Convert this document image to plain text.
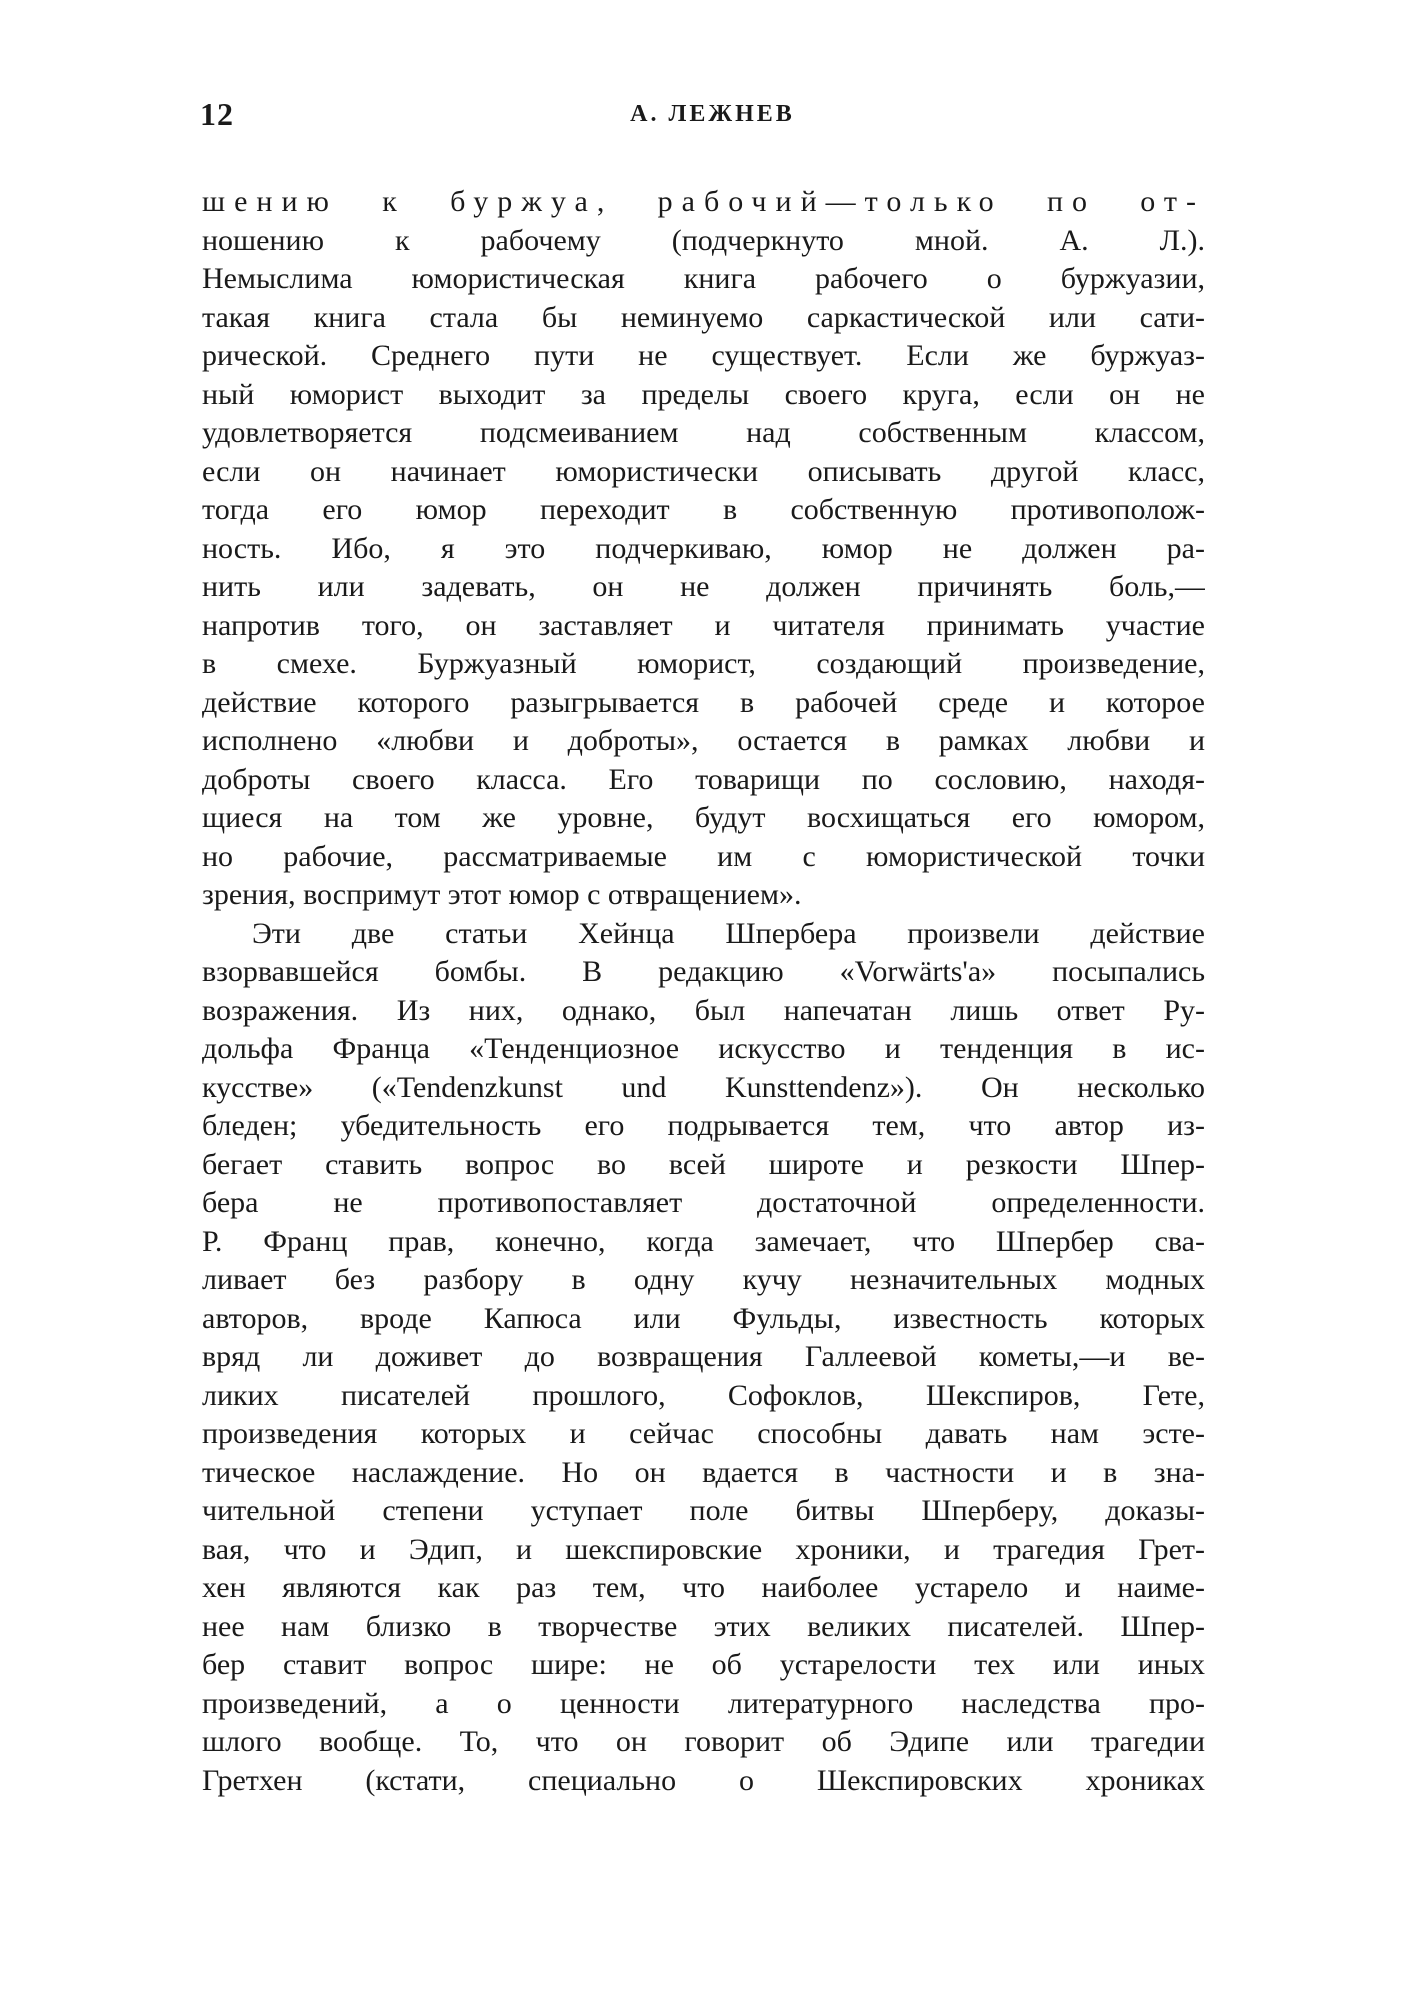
12	А. ЛЕЖНЕВ
шению к буржуа, рабочий—только по от-
ношению к рабочему (подчеркнуто мной. А. Л.).
Немыслима юмористическая книга рабочего о буржуазии,
такая книга стала бы неминуемо саркастической или сати-
рической. Среднего пути не существует. Если же буржуаз-
ный юморист выходит за пределы своего круга, если он не
удовлетворяется подсмеиванием над собственным классом,
если он начинает юмористически описывать другой класс,
тогда его юмор переходит в собственную противополож-
ность. Ибо, я это подчеркиваю, юмор не должен ра-
нить или задевать, он не должен причинять боль,—
напротив того, он заставляет и читателя принимать участие
в смехе. Буржуазный юморист, создающий произведение,
действие которого разыгрывается в рабочей среде и которое
исполнено «любви и доброты», остается в рамках любви и
доброты своего класса. Его товарищи по сословию, находя-
щиеся на том же уровне, будут восхищаться его юмором,
но рабочие, рассматриваемые им с юмористической точки
зрения, воспримут этот юмор с отвращением».
Эти две статьи Хейнца Шпербера произвели действие
взорвавшейся бомбы. В редакцию «Vorwärts'a» посыпались
возражения. Из них, однако, был напечатан лишь ответ Ру-
дольфа Франца «Тенденциозное искусство и тенденция в ис-
кусстве» («Tendenzkunst und Kunsttendenz»). Он несколько
бледен; убедительность его подрывается тем, что автор из-
бегает ставить вопрос во всей широте и резкости Шпер-
бера не противопоставляет достаточной определенности.
Р. Франц прав, конечно, когда замечает, что Шпербер сва-
ливает без разбору в одну кучу незначительных модных
авторов, вроде Капюса или Фульды, известность которых
вряд ли доживет до возвращения Галлеевой кометы,—и ве-
ликих писателей прошлого, Софоклов, Шекспиров, Гете,
произведения которых и сейчас способны давать нам эсте-
тическое наслаждение. Но он вдается в частности и в зна-
чительной степени уступает поле битвы Шперберу, доказы-
вая, что и Эдип, и шекспировские хроники, и трагедия Грет-
хен являются как раз тем, что наиболее устарело и наиме-
нее нам близко в творчестве этих великих писателей. Шпер-
бер ставит вопрос шире: не об устарелости тех или иных
произведений, а о ценности литературного наследства про-
шлого вообще. То, что он говорит об Эдипе или трагедии
Гретхен (кстати, специально о Шекспировских хрониках
